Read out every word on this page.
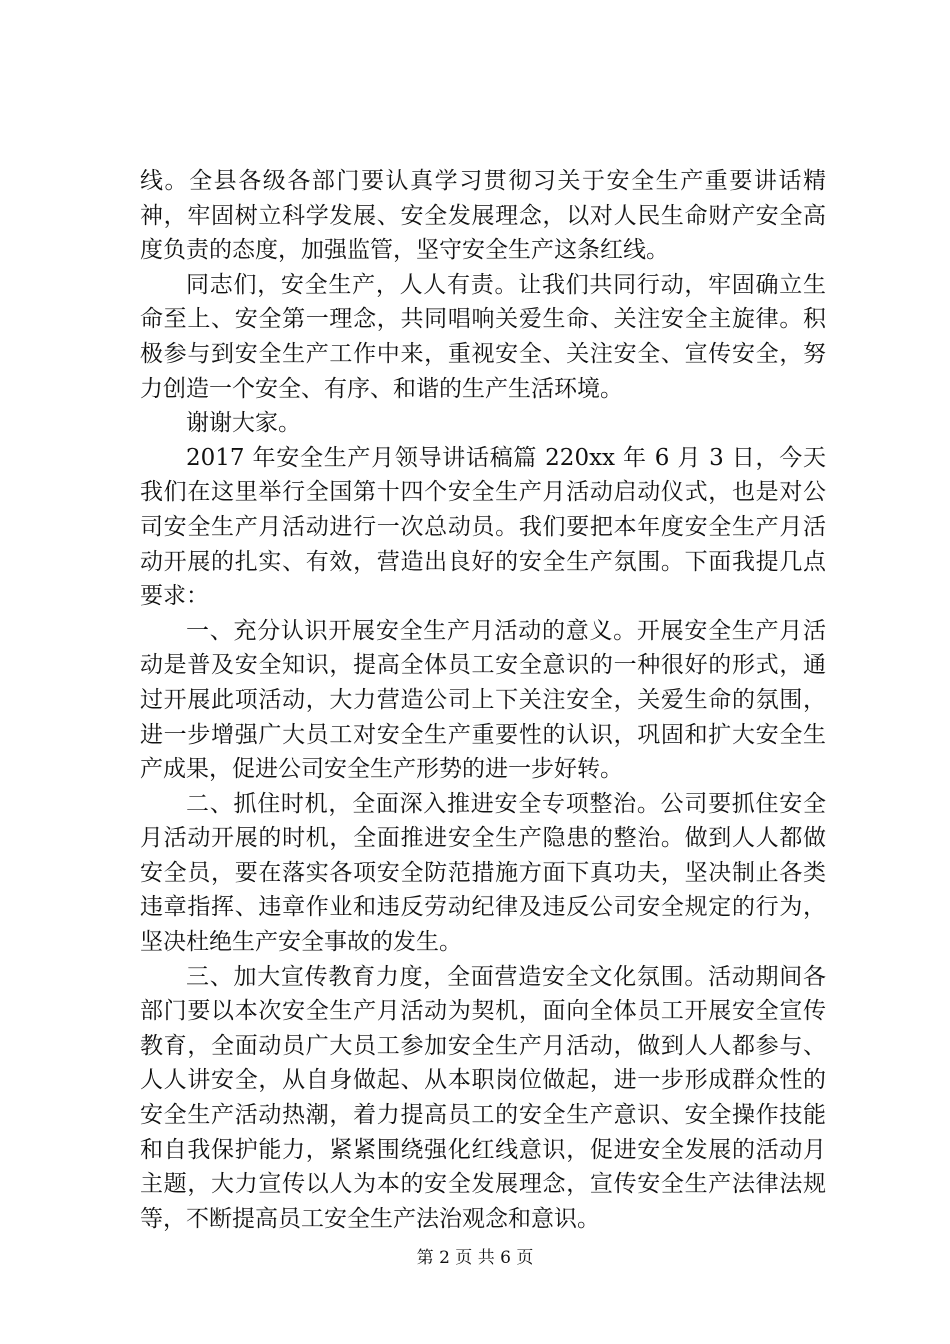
线。全县各级各部门要认真学习贯彻习关于安全生产重要讲话精神，牢固树立科学发展、安全发展理念，以对人民生命财产安全高度负责的态度，加强监管，坚守安全生产这条红线。

同志们，安全生产，人人有责。让我们共同行动，牢固确立生命至上、安全第一理念，共同唱响关爱生命、关注安全主旋律。积极参与到安全生产工作中来，重视安全、关注安全、宣传安全，努力创造一个安全、有序、和谐的生产生活环境。

谢谢大家。

2017 年安全生产月领导讲话稿篇 220xx 年 6 月 3 日，今天我们在这里举行全国第十四个安全生产月活动启动仪式，也是对公司安全生产月活动进行一次总动员。我们要把本年度安全生产月活动开展的扎实、有效，营造出良好的安全生产氛围。下面我提几点要求：

一、充分认识开展安全生产月活动的意义。开展安全生产月活动是普及安全知识，提高全体员工安全意识的一种很好的形式，通过开展此项活动，大力营造公司上下关注安全，关爱生命的氛围，进一步增强广大员工对安全生产重要性的认识，巩固和扩大安全生产成果，促进公司安全生产形势的进一步好转。

二、抓住时机，全面深入推进安全专项整治。公司要抓住安全月活动开展的时机，全面推进安全生产隐患的整治。做到人人都做安全员，要在落实各项安全防范措施方面下真功夫，坚决制止各类违章指挥、违章作业和违反劳动纪律及违反公司安全规定的行为，坚决杜绝生产安全事故的发生。

三、加大宣传教育力度，全面营造安全文化氛围。活动期间各部门要以本次安全生产月活动为契机，面向全体员工开展安全宣传教育，全面动员广大员工参加安全生产月活动，做到人人都参与、人人讲安全，从自身做起、从本职岗位做起，进一步形成群众性的安全生产活动热潮，着力提高员工的安全生产意识、安全操作技能和自我保护能力，紧紧围绕强化红线意识，促进安全发展的活动月主题，大力宣传以人为本的安全发展理念，宣传安全生产法律法规等，不断提高员工安全生产法治观念和意识。

第 2 页 共 6 页
